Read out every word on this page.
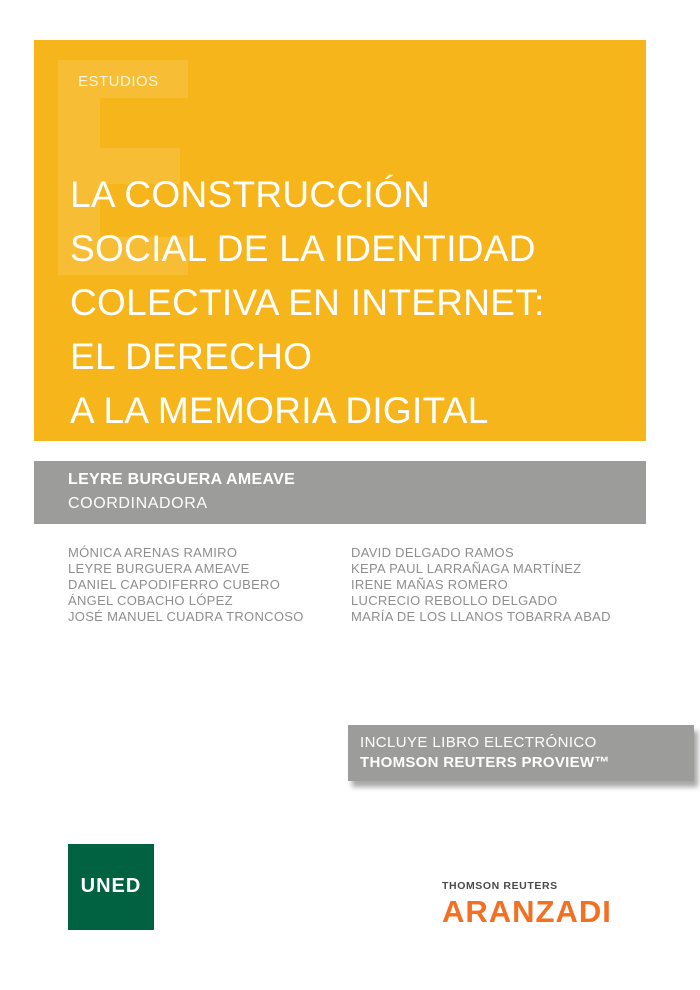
ESTUDIOS
LA CONSTRUCCIÓN
SOCIAL DE LA IDENTIDAD
COLECTIVA EN INTERNET:
EL DERECHO
A LA MEMORIA DIGITAL
LEYRE BURGUERA AMEAVE
COORDINADORA
MÓNICA ARENAS RAMIRO
LEYRE BURGUERA AMEAVE
DANIEL CAPODIFERRO CUBERO
ÁNGEL COBACHO LÓPEZ
JOSÉ MANUEL CUADRA TRONCOSO
DAVID DELGADO RAMOS
KEPA PAUL LARRAÑAGA MARTÍNEZ
IRENE MAÑAS ROMERO
LUCRECIO REBOLLO DELGADO
MARÍA DE LOS LLANOS TOBARRA ABAD
INCLUYE LIBRO ELECTRÓNICO
THOMSON REUTERS PROVIEW™
UNED	THOMSON REUTERS
ARANZADI
